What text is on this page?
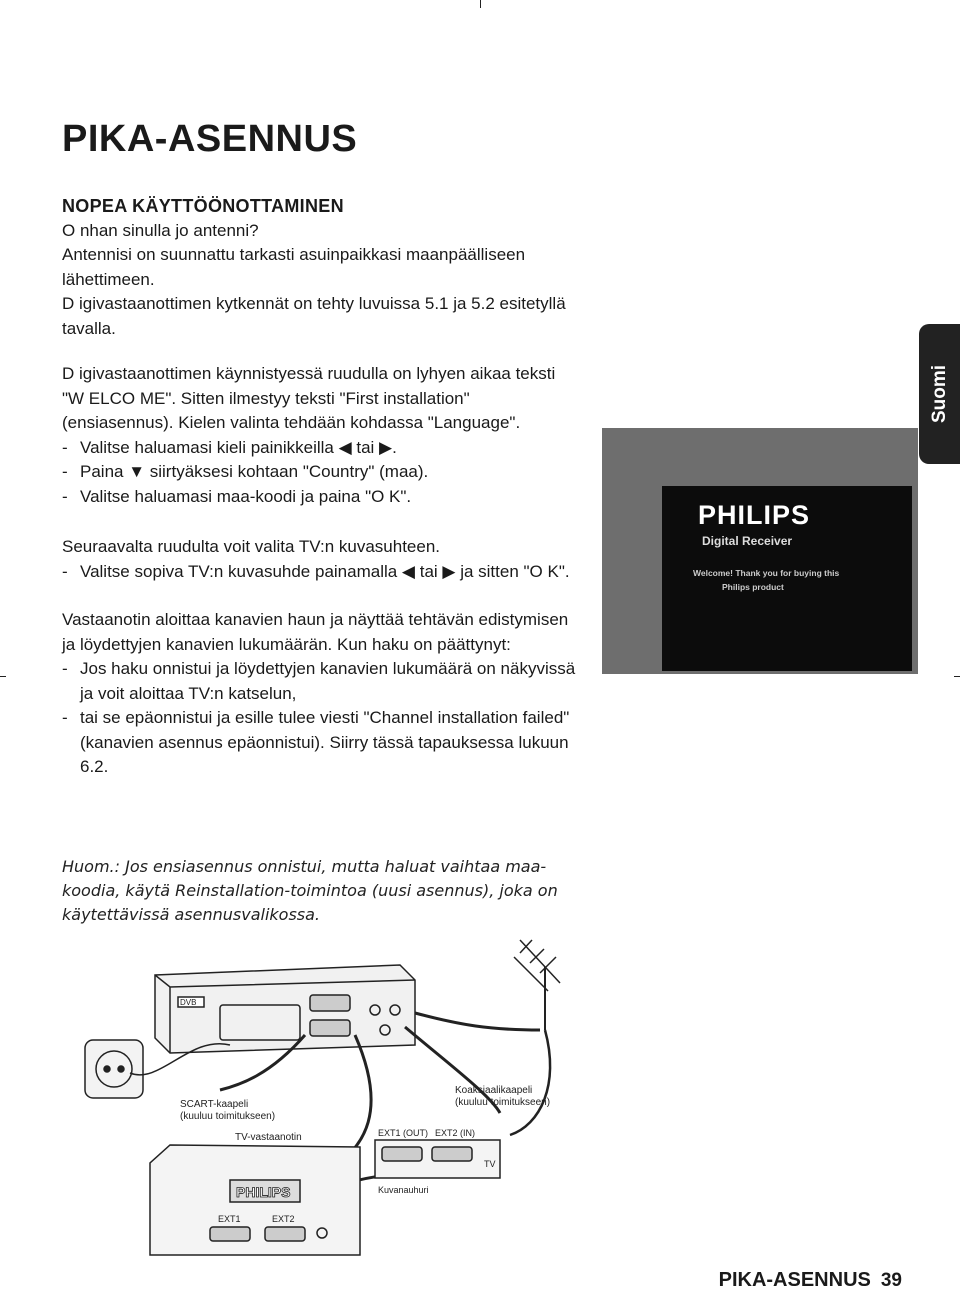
PIKA-ASENNUS

NOPEA KÄYTTÖÖNOTTAMINEN

O nhan sinulla jo antenni?

Antennisi on suunnattu tarkasti asuinpaikkasi maanpäälliseen lähettimeen.

D igivastaanottimen kytkennät on tehty luvuissa 5.1 ja 5.2 esitetyllä tavalla.

D igivastaanottimen käynnistyessä ruudulla on lyhyen aikaa teksti "W ELCO ME". Sitten ilmestyy teksti "First installation" (ensiasennus). Kielen valinta tehdään kohdassa "Language".

- Valitse haluamasi kieli painikkeilla ◀ tai ▶.
- Paina ▼ siirtyäksesi kohtaan "Country" (maa).
- Valitse haluamasi maa-koodi ja paina "O K".

Seuraavalta ruudulta voit valita TV:n kuvasuhteen.

- Valitse sopiva TV:n kuvasuhde painamalla ◀ tai ▶ ja sitten "O K".

Vastaanotin aloittaa kanavien haun ja näyttää tehtävän edistymisen ja löydettyjen kanavien lukumäärän. Kun haku on päättynyt:

- Jos haku onnistui ja löydettyjen kanavien lukumäärä on näkyvissä ja voit aloittaa TV:n katselun,
- tai se epäonnistui ja esille tulee viesti "Channel installation failed" (kanavien asennus epäonnistui). Siirry tässä tapauksessa lukuun 6.2.

Huom.: Jos ensiasennus onnistui, mutta haluat vaihtaa maa-koodia, käytä Reinstallation-toimintoa (uusi asennus), joka on käytettävissä asennusvalikossa.

Suomi
PHILIPS
Digital Receiver
Welcome! Thank you for buying this
Philips product
DVB
SCART-kaapeli
(kuuluu toimitukseen)
Koaksiaalikaapeli
(kuuluu toimitukseen)
TV-vastaanotin
PHILIPS
EXT1	EXT2
EXT1 (OUT) EXT2 (IN)
TV
Kuvanauhuri
PIKA-ASENNUS 39
